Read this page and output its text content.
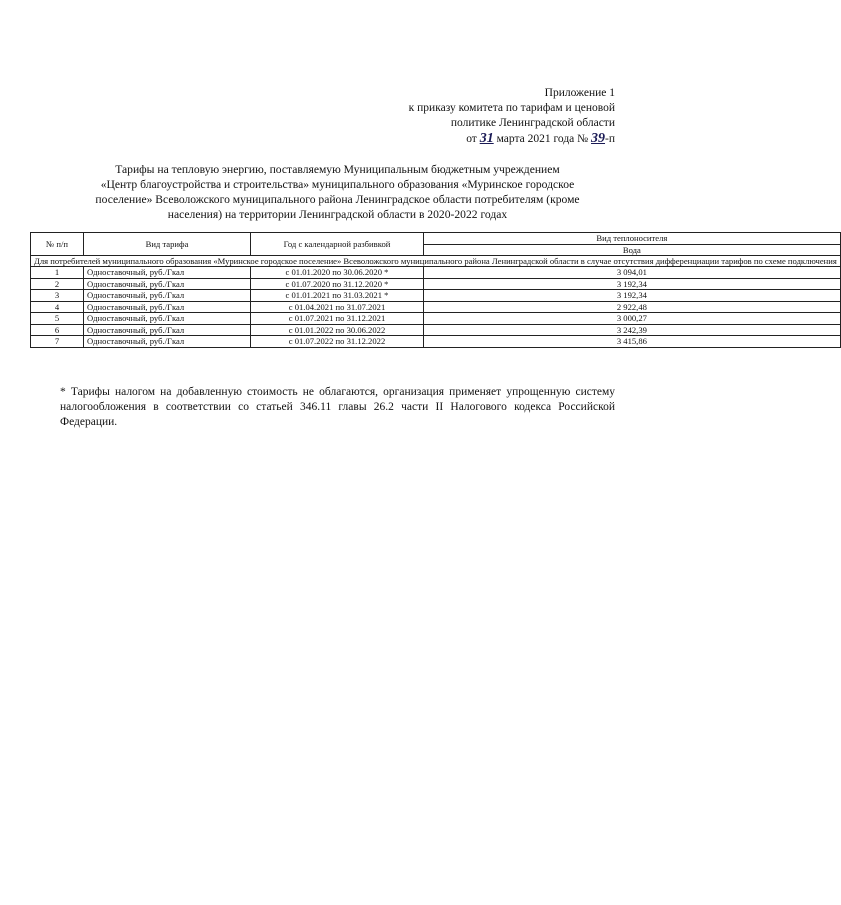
Приложение 1
к приказу комитета по тарифам и ценовой
политике Ленинградской области
от 31 марта 2021 года № 39-п
Тарифы на тепловую энергию, поставляемую Муниципальным бюджетным учреждением
«Центр благоустройства и строительства» муниципального образования «Муринское городское
поселение» Всеволожского муниципального района Ленинградское области потребителям (кроме
населения) на территории Ленинградской области в 2020-2022 годах
№ п/п	Вид тарифа	Год с календарной разбивкой	Вид теплоносителя
			Вода
Для потребителей муниципального образования «Муринское городское поселение» Всеволожского муниципального района Ленинградской области в случае отсутствия дифференциации тарифов по схеме подключения			
1	Одноставочный, руб./Гкал	с 01.01.2020 по 30.06.2020 *	3 094,01
2	Одноставочный, руб./Гкал	с 01.07.2020 по 31.12.2020 *	3 192,34
3	Одноставочный, руб./Гкал	с 01.01.2021 по 31.03.2021 *	3 192,34
4	Одноставочный, руб./Гкал	с 01.04.2021 по 31.07.2021	2 922,48
5	Одноставочный, руб./Гкал	с 01.07.2021 по 31.12.2021	3 000,27
6	Одноставочный, руб./Гкал	с 01.01.2022 по 30.06.2022	3 242,39
7	Одноставочный, руб./Гкал	с 01.07.2022 по 31.12.2022	3 415,86
* Тарифы налогом на добавленную стоимость не облагаются, организация применяет упрощенную систему налогообложения в соответствии со статьей 346.11 главы 26.2 части II Налогового кодекса Российской Федерации.
